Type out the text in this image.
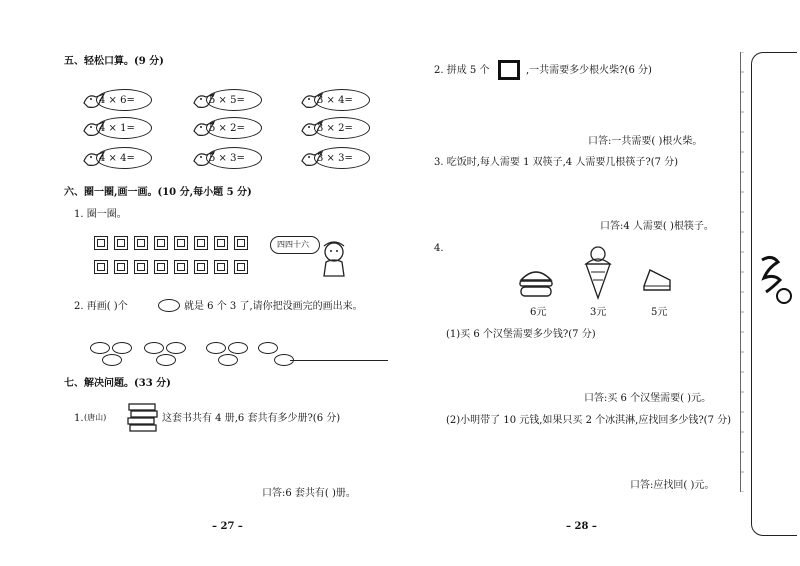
五、轻松口算。(9 分)
4 × 6=	5 × 5=	3 × 4=
4 × 1=	5 × 2=	3 × 2=
4 × 4=	5 × 3=	3 × 3=
六、圈一圈,画一画。(10 分,每小题 5 分)
1. 圈一圈。
四四十六
2. 再画( )个	就是 6 个 3 了,请你把没画完的画出来。
七、解决问题。(33 分)
1. (唐山)	这套书共有 4 册,6 套共有多少册?(6 分)
口答:6 套共有( )册。
– 27 –
2. 拼成 5 个	,一共需要多少根火柴?(6 分)
口答:一共需要( )根火柴。
3. 吃饭时,每人需要 1 双筷子,4 人需要几根筷子?(7 分)
口答:4 人需要( )根筷子。
4.
6元	3元	5元
(1)买 6 个汉堡需要多少钱?(7 分)
口答:买 6 个汉堡需要( )元。
(2)小明带了 10 元钱,如果只买 2 个冰淇淋,应找回多少钱?(7 分)
口答:应找回( )元。
– 28 –
